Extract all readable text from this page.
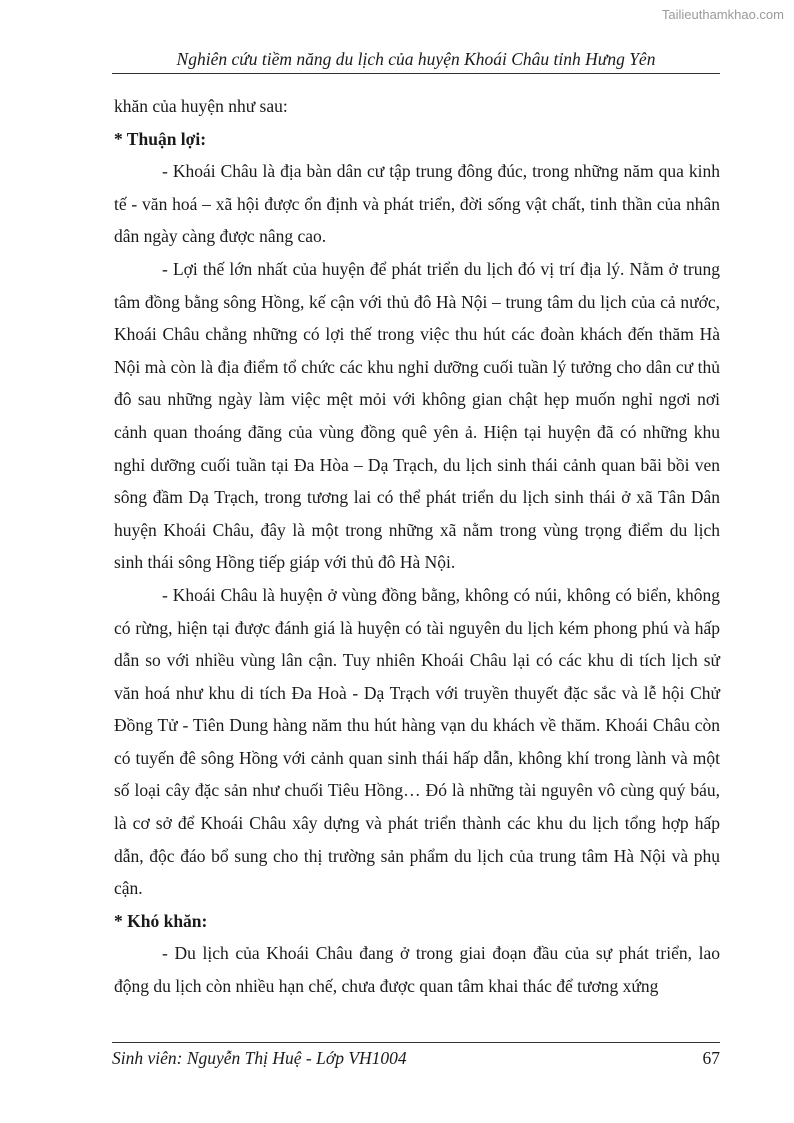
Tailieuthamkhao.com
Nghiên cứu tiềm năng du lịch của huyện Khoái Châu tỉnh Hưng Yên

khăn của huyện như sau:

* Thuận lợi:

- Khoái Châu là địa bàn dân cư tập trung đông đúc, trong những năm qua kinh tế - văn hoá – xã hội được ổn định và phát triển, đời sống vật chất, tinh thần của nhân dân ngày càng được nâng cao.

- Lợi thế lớn nhất của huyện để phát triển du lịch đó vị trí địa lý. Nằm ở trung tâm đồng bằng sông Hồng, kế cận với thủ đô Hà Nội – trung tâm du lịch của cả nước, Khoái Châu chẳng những có lợi thế trong việc thu hút các đoàn khách đến thăm Hà Nội mà còn là địa điểm tổ chức các khu nghỉ dưỡng cuối tuần lý tưởng cho dân cư thủ đô sau những ngày làm việc mệt mỏi với không gian chật hẹp muốn nghỉ ngơi nơi cảnh quan thoáng đãng của vùng đồng quê yên ả. Hiện tại huyện đã có những khu nghỉ dưỡng cuối tuần tại Đa Hòa – Dạ Trạch, du lịch sinh thái cảnh quan bãi bồi ven sông đầm Dạ Trạch, trong tương lai có thể phát triển du lịch sinh thái ở xã Tân Dân huyện Khoái Châu, đây là một trong những xã nằm trong vùng trọng điểm du lịch sinh thái sông Hồng tiếp giáp với thủ đô Hà Nội.

- Khoái Châu là huyện ở vùng đồng bằng, không có núi, không có biển, không có rừng, hiện tại được đánh giá là huyện có tài nguyên du lịch kém phong phú và hấp dẫn so với nhiều vùng lân cận. Tuy nhiên Khoái Châu lại có các khu di tích lịch sử văn hoá như khu di tích Đa Hoà - Dạ Trạch với truyền thuyết đặc sắc và lễ hội Chử Đồng Tử - Tiên Dung hàng năm thu hút hàng vạn du khách về thăm. Khoái Châu còn có tuyến đê sông Hồng với cảnh quan sinh thái hấp dẫn, không khí trong lành và một số loại cây đặc sản như chuối Tiêu Hồng… Đó là những tài nguyên vô cùng quý báu, là cơ sở để Khoái Châu xây dựng và phát triển thành các khu du lịch tổng hợp hấp dẫn, độc đáo bổ sung cho thị trường sản phẩm du lịch của trung tâm Hà Nội và phụ cận.

* Khó khăn:

- Du lịch của Khoái Châu đang ở trong giai đoạn đầu của sự phát triển, lao động du lịch còn nhiều hạn chế, chưa được quan tâm khai thác để tương xứng

Sinh viên: Nguyễn Thị Huệ - Lớp VH1004	67
